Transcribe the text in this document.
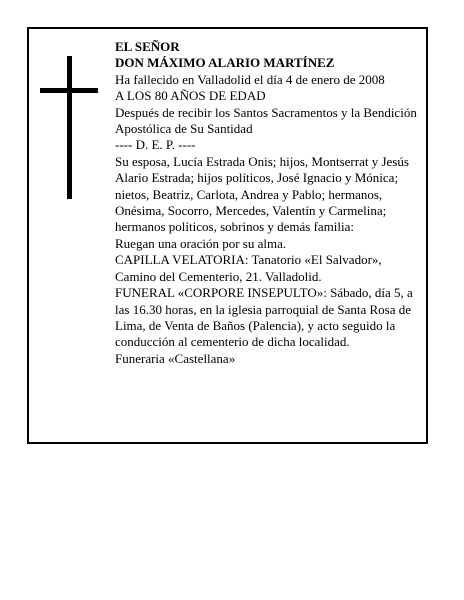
EL SEÑOR

DON MÁXIMO ALARIO MARTÍNEZ

Ha fallecido en Valladolid el día 4 de enero de 2008

A LOS 80 AÑOS DE EDAD

Después de recibir los Santos Sacramentos y la Bendición Apostólica de Su Santidad

---- D. E. P. ----

Su esposa, Lucía Estrada Onis; hijos, Montserrat y Jesús Alario Estrada; hijos políticos, José Ignacio y Mónica; nietos, Beatriz, Carlota, Andrea y Pablo; hermanos, Onésima, Socorro, Mercedes, Valentín y Carmelina; hermanos políticos, sobrinos y demás familia:

Ruegan una oración por su alma.

CAPILLA VELATORIA: Tanatorio «El Salvador», Camino del Cementerio, 21. Valladolid.

FUNERAL «CORPORE INSEPULTO»: Sábado, día 5, a las 16.30 horas, en la iglesia parroquial de Santa Rosa de Lima, de Venta de Baños (Palencia), y acto seguido la conducción al cementerio de dicha localidad.

Funeraria «Castellana»
